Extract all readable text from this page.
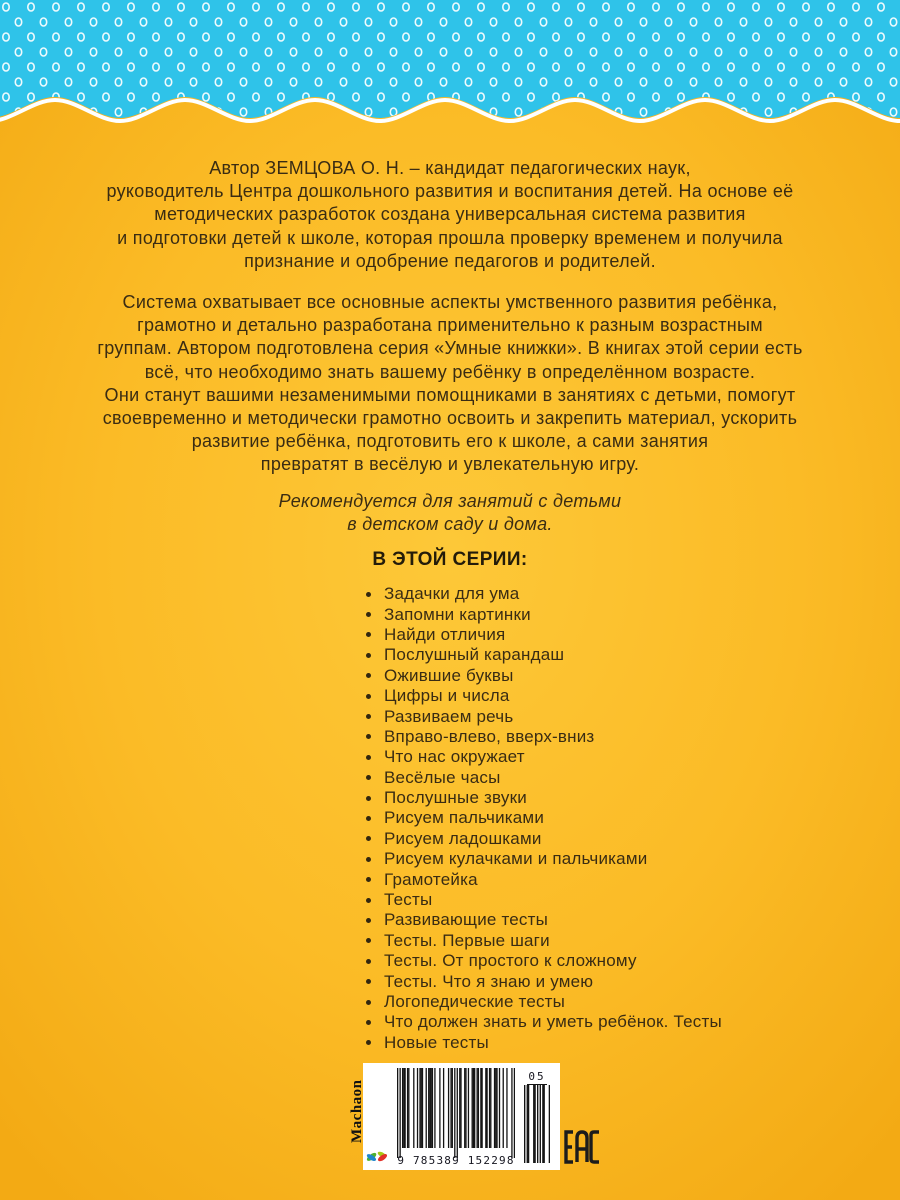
Автор ЗЕМЦОВА О. Н. – кандидат педагогических наук,
руководитель Центра дошкольного развития и воспитания детей. На основе её
методических разработок создана универсальная система развития
и подготовки детей к школе, которая прошла проверку временем и получила
признание и одобрение педагогов и родителей.
Система охватывает все основные аспекты умственного развития ребёнка,
грамотно и детально разработана применительно к разным возрастным
группам. Автором подготовлена серия «Умные книжки». В книгах этой серии есть
всё, что необходимо знать вашему ребёнку в определённом возрасте.
Они станут вашими незаменимыми помощниками в занятиях с детьми, помогут
своевременно и методически грамотно освоить и закрепить материал, ускорить
развитие ребёнка, подготовить его к школе, а сами занятия
превратят в весёлую и увлекательную игру.
Рекомендуется для занятий с детьми
в детском саду и дома.
В ЭТОЙ СЕРИИ:
Задачки для ума
Запомни картинки
Найди отличия
Послушный карандаш
Ожившие буквы
Цифры и числа
Развиваем речь
Вправо-влево, вверх-вниз
Что нас окружает
Весёлые часы
Послушные звуки
Рисуем пальчиками
Рисуем ладошками
Рисуем кулачками и пальчиками
Грамотейка
Тесты
Развивающие тесты
Тесты. Первые шаги
Тесты. От простого к сложному
Тесты. Что я знаю и умею
Логопедические тесты
Что должен знать и уметь ребёнок. Тесты
Новые тесты
Machaon
9 785389 152298
05
